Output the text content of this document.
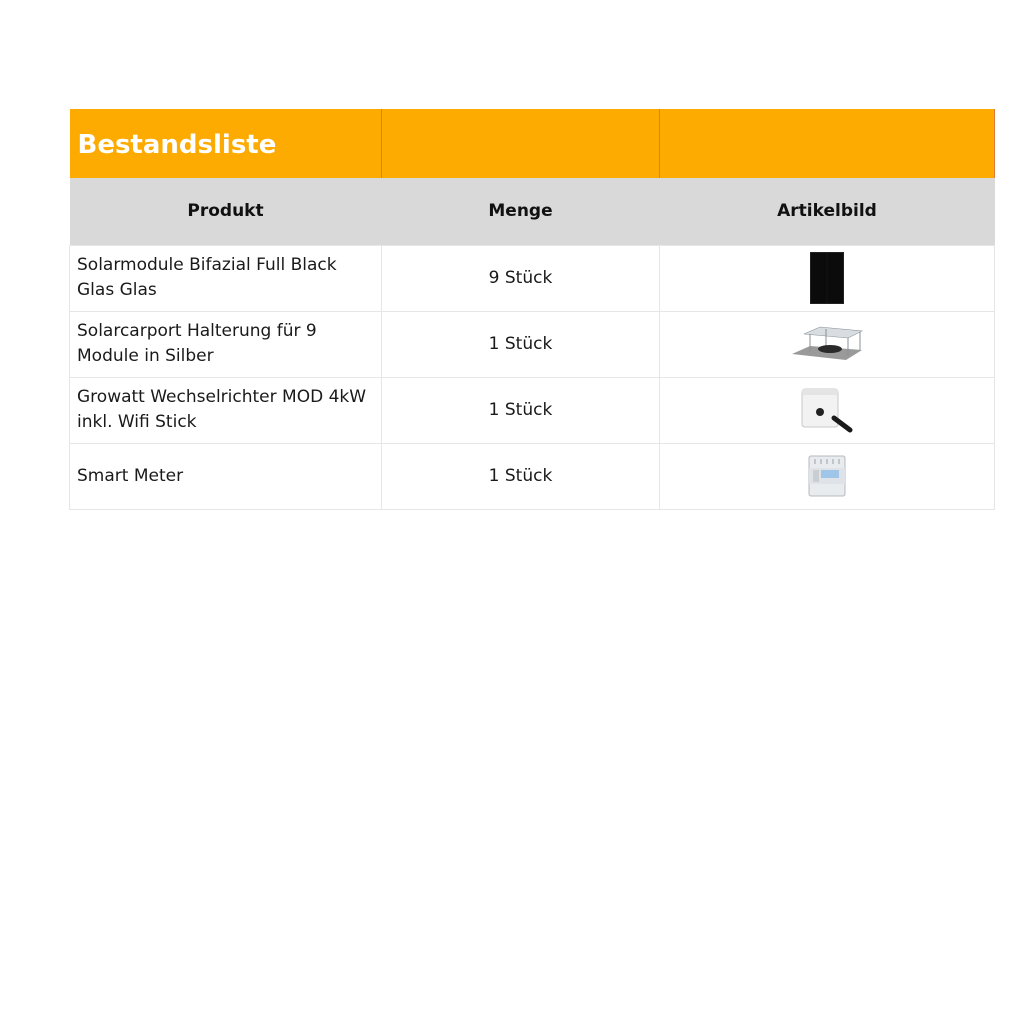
Bestandsliste		
Produkt	Menge	Artikelbild
Solarmodule Bifazial Full Black Glas Glas	9 Stück	
Solarcarport Halterung für 9 Module in Silber	1 Stück	
Growatt Wechselrichter MOD 4kW inkl. Wifi Stick	1 Stück	
Smart Meter	1 Stück	
